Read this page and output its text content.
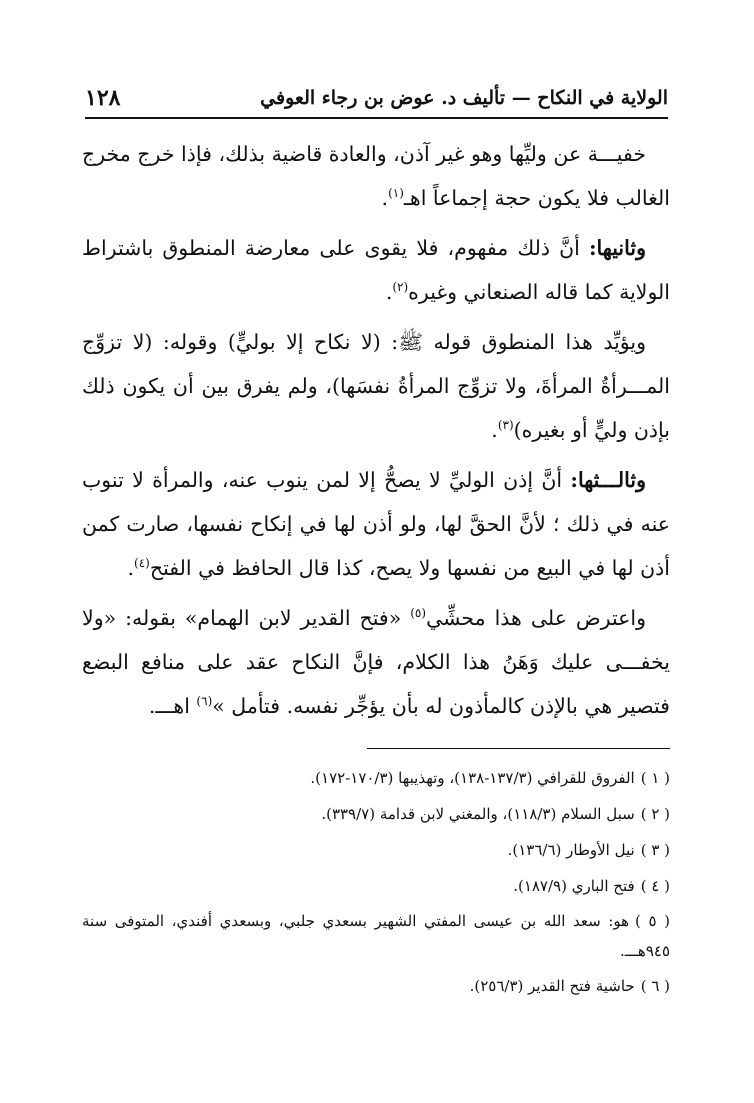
الولاية في النكاح — تأليف د. عوض بن رجاء العوفي
١٢٨

خفيـــة عن وليِّها وهو غير آذن، والعادة قاضية بذلك، فإذا خرج مخرج الغالب فلا يكون حجة إجماعاً اهـ$^{(١)}$.

وثانيها: أنَّ ذلك مفهوم، فلا يقوى على معارضة المنطوق باشتراط الولاية كما قاله الصنعاني وغيره$^{(٢)}$.

ويؤيِّد هذا المنطوق قوله ﷺ: (لا نكاح إلا بوليٍّ) وقوله: (لا تزوِّج المـــرأةُ المرأةَ، ولا تزوِّج المرأةُ نفسَها)، ولم يفرق بين أن يكون ذلك بإذن وليٍّ أو بغيره)$^{(٣)}$.

وثالـــثها: أنَّ إذن الوليِّ لا يصحُّ إلا لمن ينوب عنه، والمرأة لا تنوب عنه في ذلك ؛ لأنَّ الحقَّ لها، ولو أذن لها في إنكاح نفسها، صارت كمن أذن لها في البيع من نفسها ولا يصح، كذا قال الحافظ في الفتح$^{(٤)}$.

واعترض على هذا محشِّي$^{(٥)}$ «فتح القدير لابن الهمام» بقوله: «ولا يخفـــى عليك وَهَنُ هذا الكلام، فإنَّ النكاح عقد على منافع البضع فتصير هي بالإذن كالمأذون له بأن يؤجِّر نفسه. فتأمل »$^{(٦)}$ اهـــ.

( ١ )الفروق للقرافي (١٣٧/٣-١٣٨)، وتهذيبها (١٧٠/٣-١٧٢).
( ٢ )سبل السلام (١١٨/٣)، والمغني لابن قدامة (٣٣٩/٧).
( ٣ )نيل الأوطار (١٣٦/٦).
( ٤ )فتح الباري (١٨٧/٩).
( ٥ )هو: سعد الله بن عيسى المفتي الشهير بسعدي جلبي، وبسعدي أفندي، المتوفى سنة ٩٤٥هـــ.
( ٦ )حاشية فتح القدير (٢٥٦/٣).
